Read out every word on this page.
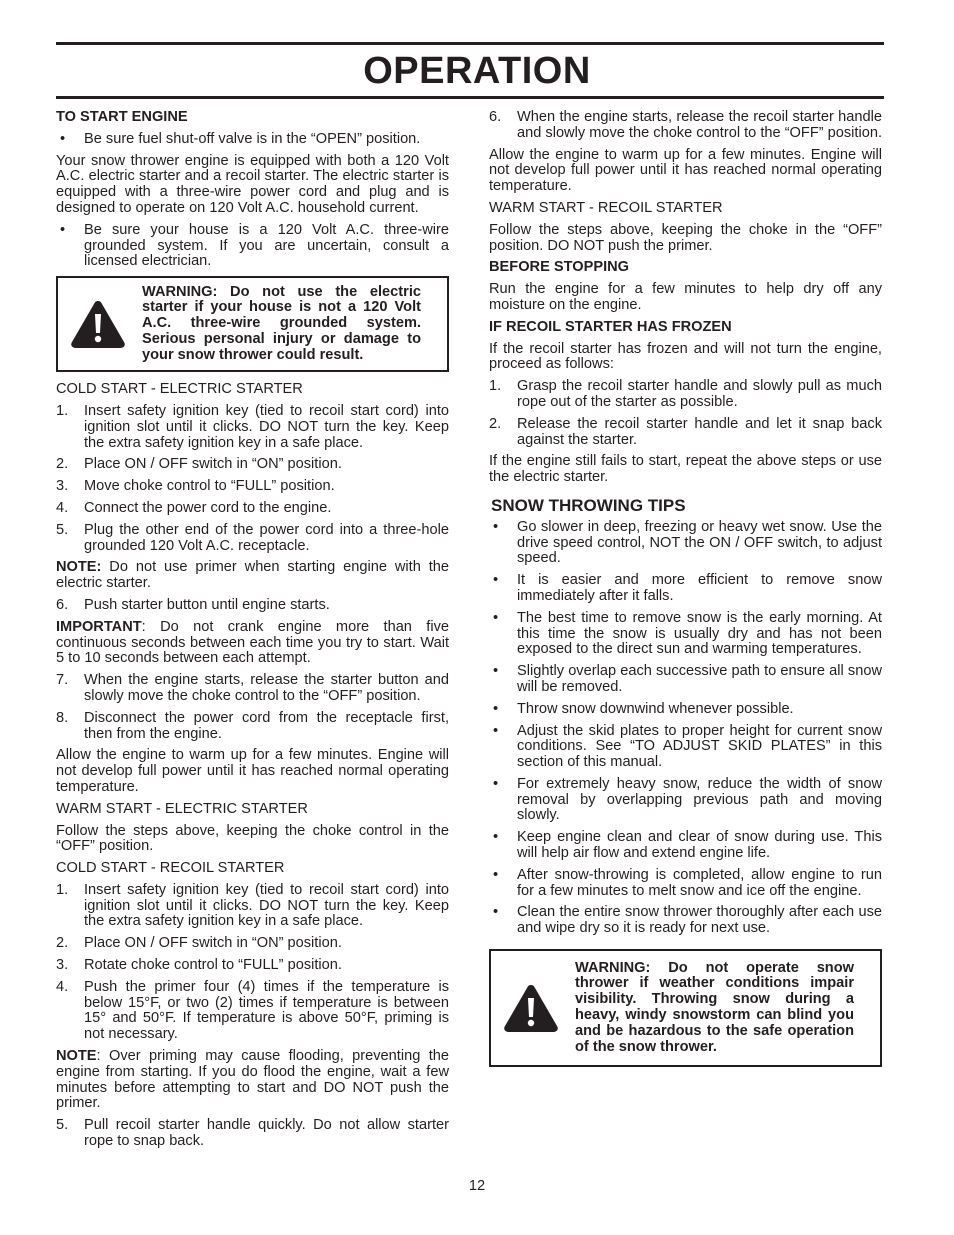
OPERATION
TO START ENGINE
• Be sure fuel shut-off valve is in the “OPEN” position.
Your snow thrower engine is equipped with both a 120 Volt A.C. electric starter and a recoil starter. The electric starter is equipped with a three-wire power cord and plug and is designed to operate on 120 Volt A.C. household current.
• Be sure your house is a 120 Volt A.C. three-wire grounded system. If you are uncertain, consult a licensed electrician.
WARNING: Do not use the electric starter if your house is not a 120 Volt A.C. three-wire grounded system. Serious personal injury or damage to your snow thrower could result.
COLD START - ELECTRIC STARTER
1. Insert safety ignition key (tied to recoil start cord) into ignition slot until it clicks. DO NOT turn the key. Keep the extra safety ignition key in a safe place.
2. Place ON / OFF switch in “ON” position.
3. Move choke control to “FULL” position.
4. Connect the power cord to the engine.
5. Plug the other end of the power cord into a three-hole grounded 120 Volt A.C. receptacle.
NOTE: Do not use primer when starting engine with the electric starter.
6. Push starter button until engine starts.
IMPORTANT: Do not crank engine more than five continuous seconds between each time you try to start. Wait 5 to 10 seconds between each attempt.
7. When the engine starts, release the starter button and slowly move the choke control to the “OFF” position.
8. Disconnect the power cord from the receptacle first, then from the engine.
Allow the engine to warm up for a few minutes. Engine will not develop full power until it has reached normal operating temperature.
WARM START - ELECTRIC STARTER
Follow the steps above, keeping the choke control in the “OFF” position.
COLD START - RECOIL STARTER
1. Insert safety ignition key (tied to recoil start cord) into ignition slot until it clicks. DO NOT turn the key. Keep the extra safety ignition key in a safe place.
2. Place ON / OFF switch in “ON” position.
3. Rotate choke control to “FULL” position.
4. Push the primer four (4) times if the temperature is below 15°F, or two (2) times if temperature is between 15° and 50°F. If temperature is above 50°F, priming is not necessary.
NOTE: Over priming may cause flooding, preventing the engine from starting. If you do flood the engine, wait a few minutes before attempting to start and DO NOT push the primer.
5. Pull recoil starter handle quickly. Do not allow starter rope to snap back.
6. When the engine starts, release the recoil starter handle and slowly move the choke control to the “OFF” position.
Allow the engine to warm up for a few minutes. Engine will not develop full power until it has reached normal operating temperature.
WARM START - RECOIL STARTER
Follow the steps above, keeping the choke in the “OFF” position. DO NOT push the primer.
BEFORE STOPPING
Run the engine for a few minutes to help dry off any moisture on the engine.
IF RECOIL STARTER HAS FROZEN
If the recoil starter has frozen and will not turn the engine, proceed as follows:
1. Grasp the recoil starter handle and slowly pull as much rope out of the starter as possible.
2. Release the recoil starter handle and let it snap back against the starter.
If the engine still fails to start, repeat the above steps or use the electric starter.
SNOW THROWING TIPS
• Go slower in deep, freezing or heavy wet snow. Use the drive speed control, NOT the ON / OFF switch, to adjust speed.
• It is easier and more efficient to remove snow immediately after it falls.
• The best time to remove snow is the early morning. At this time the snow is usually dry and has not been exposed to the direct sun and warming temperatures.
• Slightly overlap each successive path to ensure all snow will be removed.
• Throw snow downwind whenever possible.
• Adjust the skid plates to proper height for current snow conditions. See “TO ADJUST SKID PLATES” in this section of this manual.
• For extremely heavy snow, reduce the width of snow removal by overlapping previous path and moving slowly.
• Keep engine clean and clear of snow during use. This will help air flow and extend engine life.
• After snow-throwing is completed, allow engine to run for a few minutes to melt snow and ice off the engine.
• Clean the entire snow thrower thoroughly after each use and wipe dry so it is ready for next use.
WARNING: Do not operate snow thrower if weather conditions impair visibility. Throwing snow during a heavy, windy snowstorm can blind you and be hazardous to the safe operation of the snow thrower.
12
